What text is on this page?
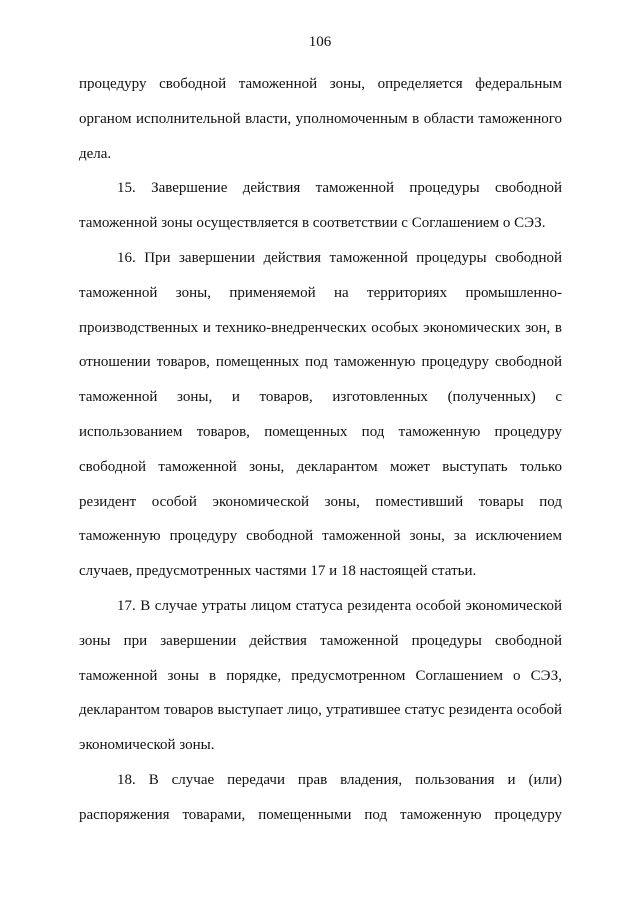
106
процедуру свободной таможенной зоны, определяется федеральным
органом исполнительной власти, уполномоченным в области таможенного
дела.
15. Завершение действия таможенной процедуры свободной
таможенной зоны осуществляется в соответствии с Соглашением о СЭЗ.
16. При завершении действия таможенной процедуры свободной
таможенной зоны, применяемой на территориях промышленно-
производственных и технико-внедренческих особых экономических зон, в
отношении товаров, помещенных под таможенную процедуру свободной
таможенной зоны, и товаров, изготовленных (полученных) с
использованием товаров, помещенных под таможенную процедуру
свободной таможенной зоны, декларантом может выступать только
резидент особой экономической зоны, поместивший товары под
таможенную процедуру свободной таможенной зоны, за исключением
случаев, предусмотренных частями 17 и 18 настоящей статьи.
17. В случае утраты лицом статуса резидента особой экономической
зоны при завершении действия таможенной процедуры свободной
таможенной зоны в порядке, предусмотренном Соглашением о СЭЗ,
декларантом товаров выступает лицо, утратившее статус резидента особой
экономической зоны.
18. В случае передачи прав владения, пользования и (или)
распоряжения товарами, помещенными под таможенную процедуру
